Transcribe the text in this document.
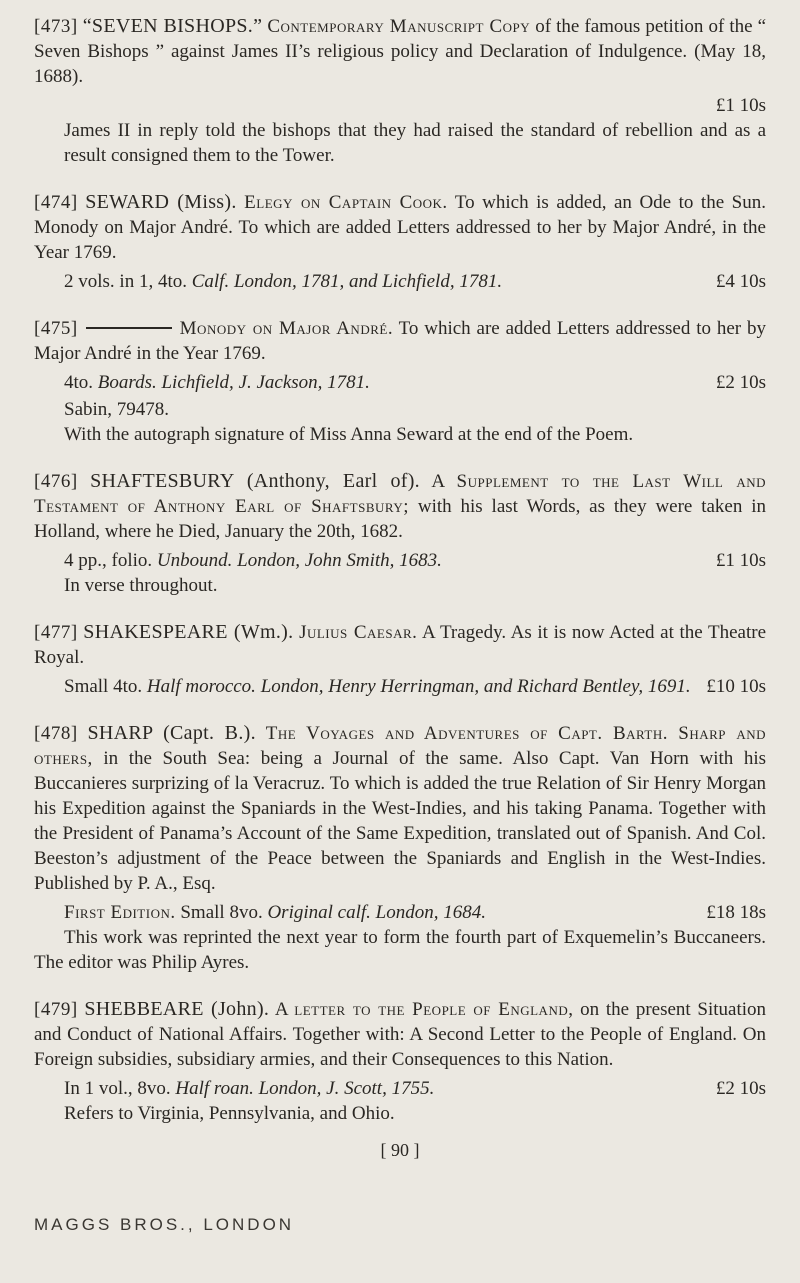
[473] “SEVEN BISHOPS.” Contemporary Manuscript Copy of the famous petition of the “ Seven Bishops ” against James II’s religious policy and Declaration of Indulgence. (May 18, 1688).

£1 10s

James II in reply told the bishops that they had raised the standard of rebellion and as a result consigned them to the Tower.

[474] SEWARD (Miss). Elegy on Captain Cook. To which is added, an Ode to the Sun. Monody on Major André. To which are added Letters addressed to her by Major André, in the Year 1769.

2 vols. in 1, 4to. Calf. London, 1781, and Lichfield, 1781.	£4 10s

[475]	Monody on Major André. To which are added Letters addressed to her by Major André in the Year 1769.

4to. Boards. Lichfield, J. Jackson, 1781.	£2 10s
Sabin, 79478.

With the autograph signature of Miss Anna Seward at the end of the Poem.

[476] SHAFTESBURY (Anthony, Earl of). A Supplement to the Last Will and Testament of Anthony Earl of Shaftsbury; with his last Words, as they were taken in Holland, where he Died, January the 20th, 1682.

4 pp., folio. Unbound. London, John Smith, 1683.	£1 10s

In verse throughout.

[477] SHAKESPEARE (Wm.). Julius Caesar. A Tragedy. As it is now Acted at the Theatre Royal.

Small 4to. Half morocco. London, Henry Herringman, and Richard Bentley, 1691. £10 10s

[478] SHARP (Capt. B.). The Voyages and Adventures of Capt. Barth. Sharp and others, in the South Sea: being a Journal of the same. Also Capt. Van Horn with his Buccanieres surprizing of la Veracruz. To which is added the true Relation of Sir Henry Morgan his Expedition against the Spaniards in the West-Indies, and his taking Panama. Together with the President of Panama’s Account of the Same Expedition, translated out of Spanish. And Col. Beeston’s adjustment of the Peace between the Spaniards and English in the West-Indies. Published by P. A., Esq.

First Edition. Small 8vo. Original calf. London, 1684.	£18 18s

This work was reprinted the next year to form the fourth part of Exquemelin’s Buccaneers. The editor was Philip Ayres.

[479] SHEBBEARE (John). A letter to the People of England, on the present Situation and Conduct of National Affairs. Together with: A Second Letter to the People of England. On Foreign subsidies, subsidiary armies, and their Consequences to this Nation.

In 1 vol., 8vo. Half roan. London, J. Scott, 1755.	£2 10s

Refers to Virginia, Pennsylvania, and Ohio.

[ 90 ]
MAGGS BROS., LONDON
